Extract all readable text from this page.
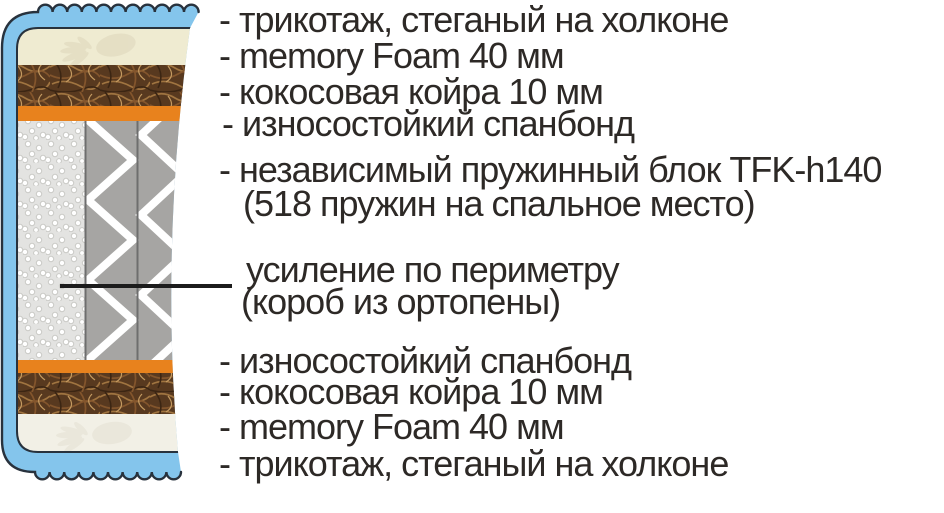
- трикотаж, стеганый на холконе
- memory Foam 40 мм
- кокосовая койра 10 мм
- износостойкий спанбонд
- независимый пружинный блок TFK-h140
(518 пружин на спальное место)
усиление по периметру
(короб из ортопены)
- износостойкий спанбонд
- кокосовая койра 10 мм
- memory Foam 40 мм
- трикотаж, стеганый на холконе
